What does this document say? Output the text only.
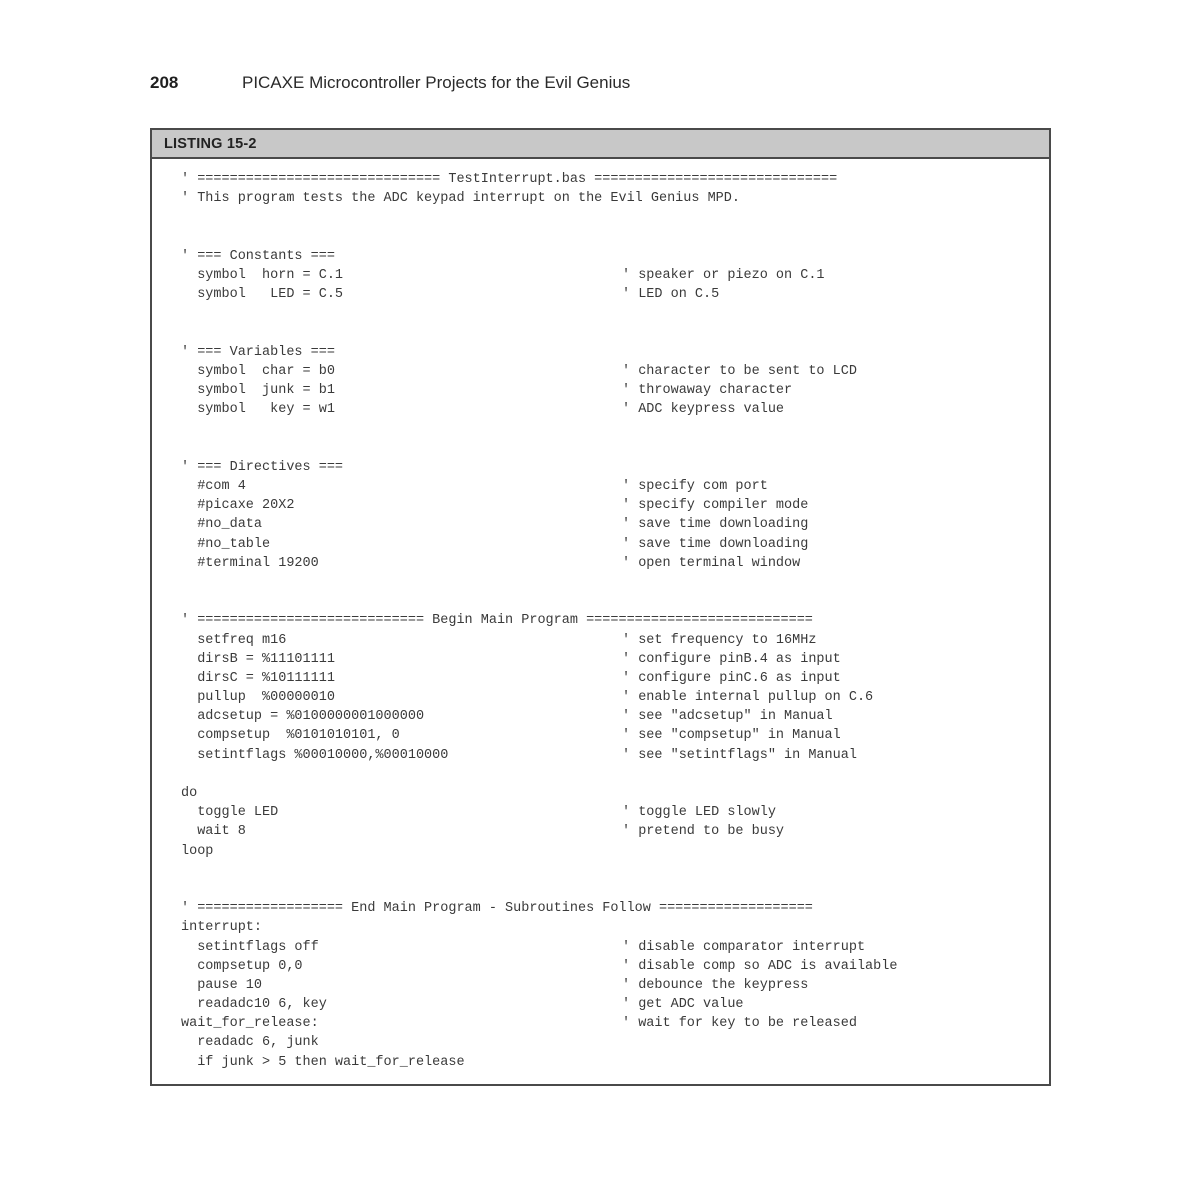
208	PICAXE Microcontroller Projects for the Evil Genius
LISTING 15-2
' ============================== TestInterrupt.bas ==============================
' This program tests the ADC keypad interrupt on the Evil Genius MPD.
' === Constants ===
symbol  horn = C.1	' speaker or piezo on C.1
symbol   LED = C.5	' LED on C.5
' === Variables ===
symbol  char = b0	' character to be sent to LCD
symbol  junk = b1	' throwaway character
symbol   key = w1	' ADC keypress value
' === Directives ===
#com 4	' specify com port
#picaxe 20X2	' specify compiler mode
#no_data	' save time downloading
#no_table	' save time downloading
#terminal 19200	' open terminal window
' ============================ Begin Main Program ============================
setfreq m16	' set frequency to 16MHz
dirsB = %11101111	' configure pinB.4 as input
dirsC = %10111111	' configure pinC.6 as input
pullup  %00000010	' enable internal pullup on C.6
adcsetup = %0100000001000000	' see "adcsetup" in Manual
compsetup  %0101010101, 0	' see "compsetup" in Manual
setintflags %00010000,%00010000	' see "setintflags" in Manual
do
toggle LED	' toggle LED slowly
wait 8	' pretend to be busy
loop
' ================== End Main Program - Subroutines Follow ===================
interrupt:
setintflags off	' disable comparator interrupt
compsetup 0,0	' disable comp so ADC is available
pause 10	' debounce the keypress
readadc10 6, key	' get ADC value
wait_for_release:	' wait for key to be released
readadc 6, junk
if junk > 5 then wait_for_release
